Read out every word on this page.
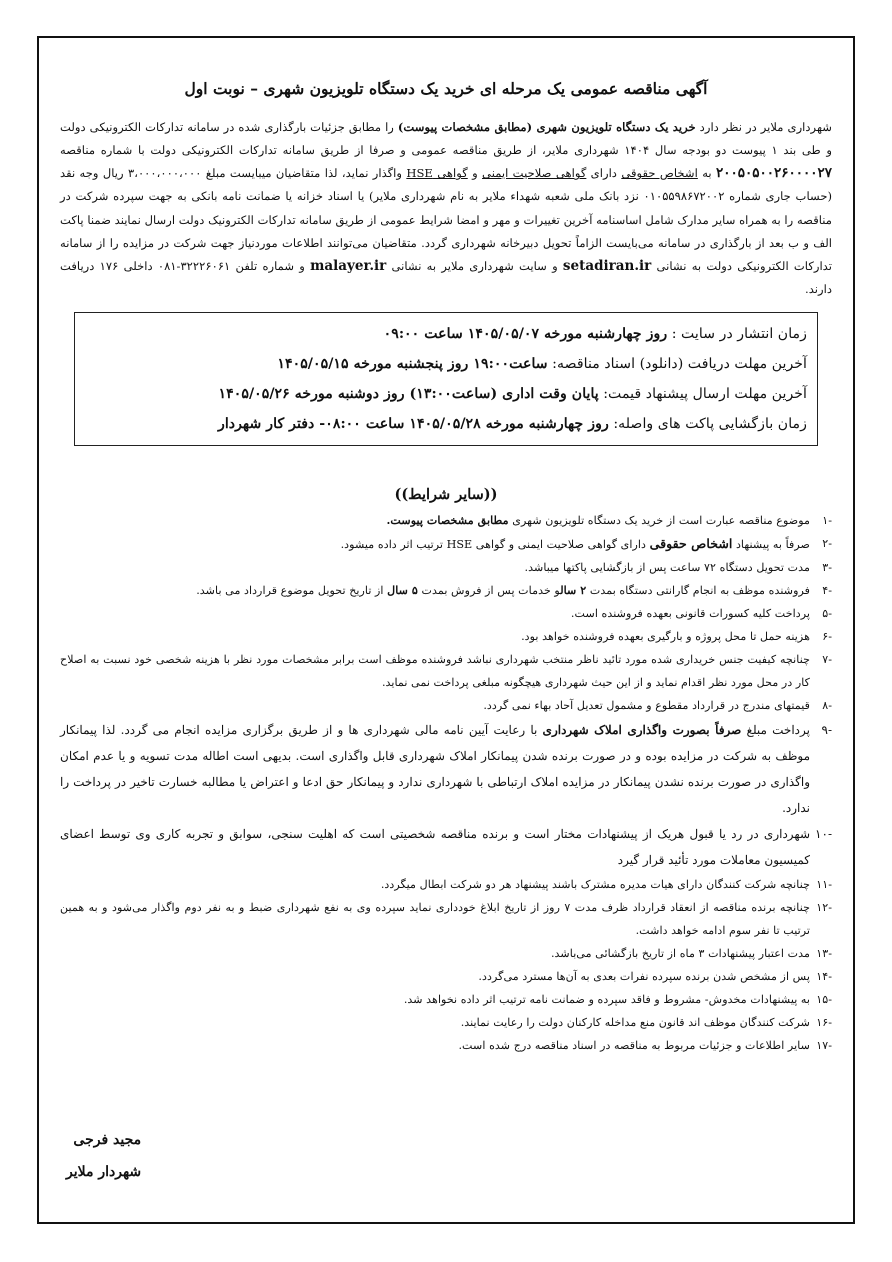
آگهی مناقصه عمومی یک مرحله ای خرید یک دستگاه تلویزیون شهری – نوبت اول

شهرداری ملایر در نظر دارد خرید یک دستگاه تلویزیون شهری (مطابق مشخصات پیوست) را مطابق جزئیات بارگذاری شده در سامانه تدارکات الکترونیکی دولت و طی بند ۱ پیوست دو بودجه سال ۱۴۰۴ شهرداری ملایر، از طریق مناقصه عمومی و صرفا از طریق سامانه تدارکات الکترونیکی دولت با شماره مناقصه ۲۰۰۵۰۵۰۰۲۶۰۰۰۰۲۷ به اشخاص حقوقی دارای گواهی صلاحیت ایمنی و گواهی HSE واگذار نماید، لذا متقاضیان میبایست مبلغ ۳،۰۰۰،۰۰۰،۰۰۰ ریال وجه نقد (حساب جاری شماره ۰۱۰۵۵۹۸۶۷۲۰۰۲ نزد بانک ملی شعبه شهداء ملایر به نام شهرداری ملایر) یا اسناد خزانه یا ضمانت نامه بانکی به جهت سپرده شرکت در مناقصه را به همراه سایر مدارک شامل اساسنامه آخرین تغییرات و مهر و امضا شرایط عمومی از طریق سامانه تدارکات الکترونیک دولت ارسال نمایند ضمنا پاکت الف و ب بعد از بارگذاری در سامانه می‌بایست الزاماً تحویل دبیرخانه شهرداری گردد. متقاضیان می‌توانند اطلاعات موردنیاز جهت شرکت در مزایده را از سامانه تدارکات الکترونیکی دولت به نشانی setadiran.ir و سایت شهرداری ملایر به نشانی malayer.ir و شماره تلفن ۳۲۲۲۶۰۶۱-۰۸۱ داخلی ۱۷۶ دریافت دارند.

زمان انتشار در سایت : روز چهارشنبه مورخه ۱۴۰۵/۰۵/۰۷ ساعت ۰۹:۰۰
آخرین مهلت دریافت (دانلود) اسناد مناقصه: ساعت۱۹:۰۰ روز پنجشنبه مورخه ۱۴۰۵/۰۵/۱۵
آخرین مهلت ارسال پیشنهاد قیمت: پایان وقت اداری (ساعت۱۳:۰۰) روز دوشنبه مورخه ۱۴۰۵/۰۵/۲۶
زمان بازگشایی پاکت های واصله: روز چهارشنبه مورخه ۱۴۰۵/۰۵/۲۸ ساعت ۰۸:۰۰- دفتر کار شهردار
((سایر شرایط))
-۱
موضوع مناقصه عبارت است از خرید یک دستگاه تلویزیون شهری مطابق مشخصات پیوست.
-۲
صرفاً به پیشنهاد اشخاص حقوقی دارای گواهی صلاحیت ایمنی و گواهی HSE ترتیب اثر داده میشود.
-۳
مدت تحویل دستگاه ۷۲ ساعت پس از بازگشایی پاکتها میباشد.
-۴
فروشنده موظف به انجام گارانتی دستگاه بمدت ۲ سالو خدمات پس از فروش بمدت ۵ سال از تاریخ تحویل موضوع قرارداد می باشد.
-۵
پرداخت کلیه کسورات قانونی بعهده فروشنده است.
-۶
هزینه حمل تا محل پروژه و بارگیری بعهده فروشنده خواهد بود.
-۷
چنانچه کیفیت جنس خریداری شده مورد تائید ناظر منتخب شهرداری نباشد فروشنده موظف است برابر مشخصات مورد نظر با هزینه شخصی خود نسبت به اصلاح کار در محل مورد نظر اقدام نماید و از این حیث شهرداری هیچگونه مبلغی پرداخت نمی نماید.
-۸
قیمتهای مندرج در قرارداد مقطوع و مشمول تعدیل آحاد بهاء نمی گردد.
-۹
پرداخت مبلغ صرفاً بصورت واگذاری املاک شهرداری با رعایت آیین نامه مالی شهرداری ها و از طریق برگزاری مزایده انجام می گردد. لذا پیمانکار موظف به شرکت در مزایده بوده و در صورت برنده شدن پیمانکار املاک شهرداری قابل واگذاری است. بدیهی است اطاله مدت تسویه و یا عدم امکان واگذاری در صورت برنده نشدن پیمانکار در مزایده املاک ارتباطی با شهرداری ندارد و پیمانکار حق ادعا و اعتراض یا مطالبه خسارت تاخیر در پرداخت را ندارد.
-۱۰
شهرداری در رد یا قبول هریک از پیشنهادات مختار است و برنده مناقصه شخصیتی است که اهلیت سنجی، سوابق و تجربه کاری وی توسط اعضای کمیسیون معاملات مورد تأئید قرار گیرد
-۱۱
چنانچه شرکت کنندگان دارای هیات مدیره مشترک باشند پیشنهاد هر دو شرکت ابطال میگردد.
-۱۲
چنانچه برنده مناقصه از انعقاد قرارداد ظرف مدت ۷ روز از تاریخ ابلاغ خودداری نماید سپرده وی به نفع شهرداری ضبط و به نفر دوم واگذار می‌شود و به همین ترتیب تا نفر سوم ادامه خواهد داشت.
-۱۳
مدت اعتبار پیشنهادات ۳ ماه از تاریخ بازگشائی می‌باشد.
-۱۴
پس از مشخص شدن برنده سپرده نفرات بعدی به آن‌ها مسترد می‌گردد.
-۱۵
به پیشنهادات مخدوش- مشروط و فاقد سپرده و ضمانت نامه ترتیب اثر داده نخواهد شد.
-۱۶
شرکت کنندگان موظف اند قانون منع مداخله کارکنان دولت را رعایت نمایند.
-۱۷
سایر اطلاعات و جزئیات مربوط به مناقصه در اسناد مناقصه درج شده است.
مجید فرجی
شهردار ملایر
